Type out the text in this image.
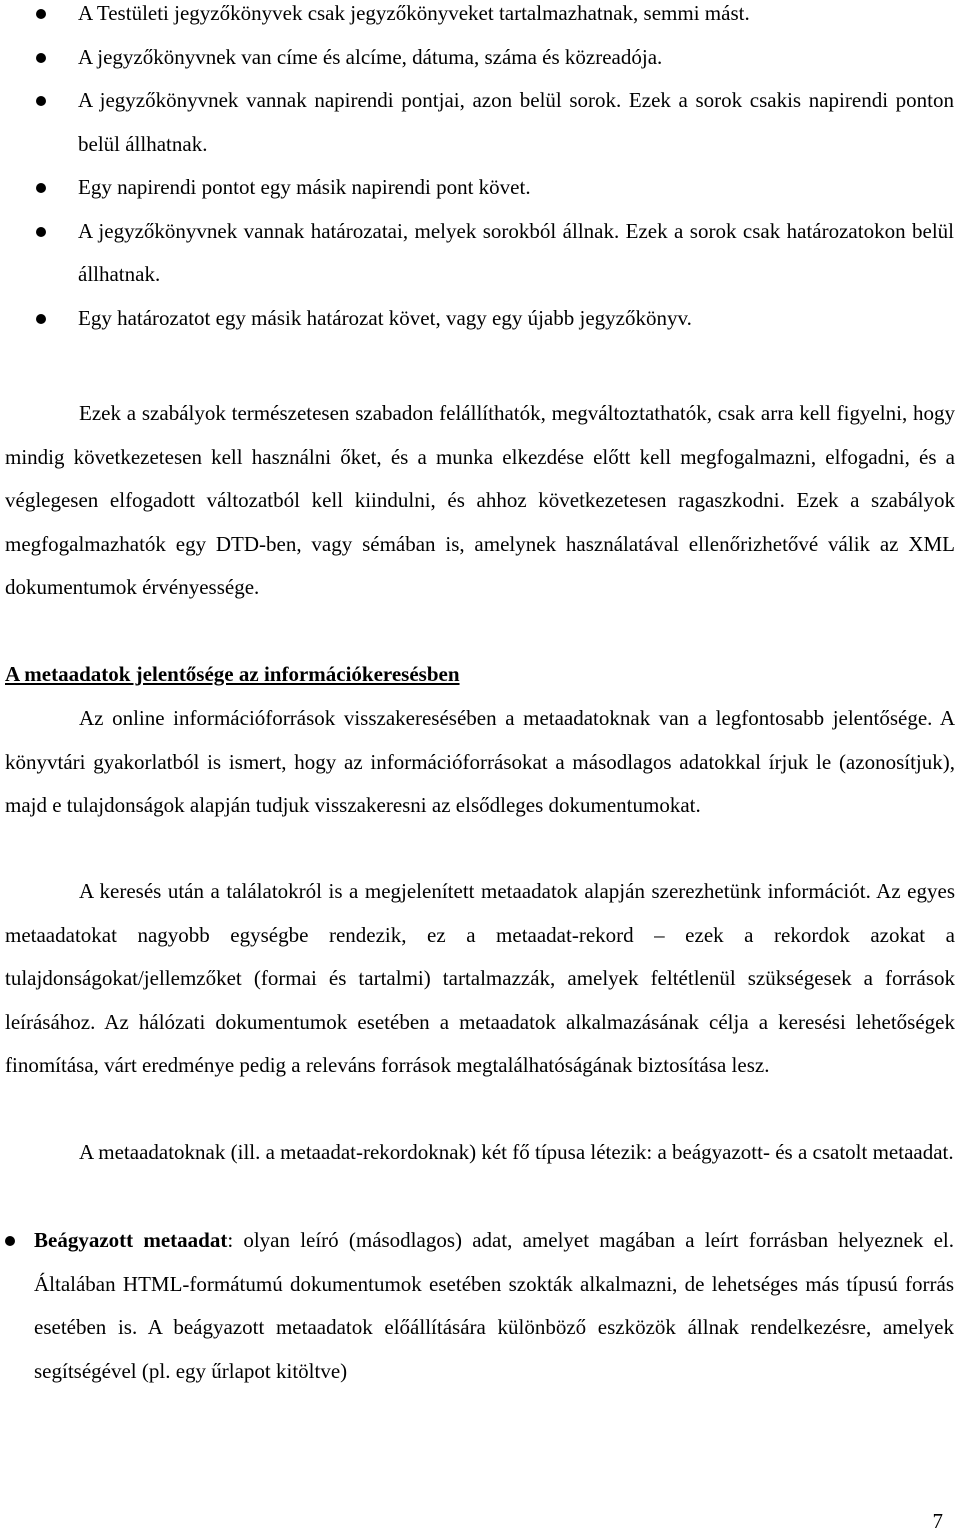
A Testületi jegyzőkönyvek csak jegyzőkönyveket tartalmazhatnak, semmi mást.
A jegyzőkönyvnek van címe és alcíme, dátuma, száma és közreadója.
A jegyzőkönyvnek vannak napirendi pontjai, azon belül sorok. Ezek a sorok csakis napirendi ponton belül állhatnak.
Egy napirendi pontot egy másik napirendi pont követ.
A jegyzőkönyvnek vannak határozatai, melyek sorokból állnak. Ezek a sorok csak határozatokon belül állhatnak.
Egy határozatot egy másik határozat követ, vagy egy újabb jegyzőkönyv.

Ezek a szabályok természetesen szabadon felállíthatók, megváltoztathatók, csak arra kell figyelni, hogy mindig következetesen kell használni őket, és a munka elkezdése előtt kell megfogalmazni, elfogadni, és a véglegesen elfogadott változatból kell kiindulni, és ahhoz következetesen ragaszkodni. Ezek a szabályok megfogalmazhatók egy DTD-ben, vagy sémában is, amelynek használatával ellenőrizhetővé válik az XML dokumentumok érvényessége.

A metaadatok jelentősége az információkeresésben

Az online információforrások visszakeresésében a metaadatoknak van a legfontosabb jelentősége. A könyvtári gyakorlatból is ismert, hogy az információforrásokat a másodlagos adatokkal írjuk le (azonosítjuk), majd e tulajdonságok alapján tudjuk visszakeresni az elsődleges dokumentumokat.

A keresés után a találatokról is a megjelenített metaadatok alapján szerezhetünk információt. Az egyes metaadatokat nagyobb egységbe rendezik, ez a metaadat-rekord – ezek a rekordok azokat a tulajdonságokat/jellemzőket (formai és tartalmi) tartalmazzák, amelyek feltétlenül szükségesek a források leírásához. Az hálózati dokumentumok esetében a metaadatok alkalmazásának célja a keresési lehetőségek finomítása, várt eredménye pedig a releváns források megtalálhatóságának biztosítása lesz.

A metaadatoknak (ill. a metaadat-rekordoknak) két fő típusa létezik: a beágyazott- és a csatolt metaadat.

Beágyazott metaadat: olyan leíró (másodlagos) adat, amelyet magában a leírt forrásban helyeznek el. Általában HTML-formátumú dokumentumok esetében szokták alkalmazni, de lehetséges más típusú forrás esetében is. A beágyazott metaadatok előállítására különböző eszközök állnak rendelkezésre, amelyek segítségével (pl. egy űrlapot kitöltve)
7
